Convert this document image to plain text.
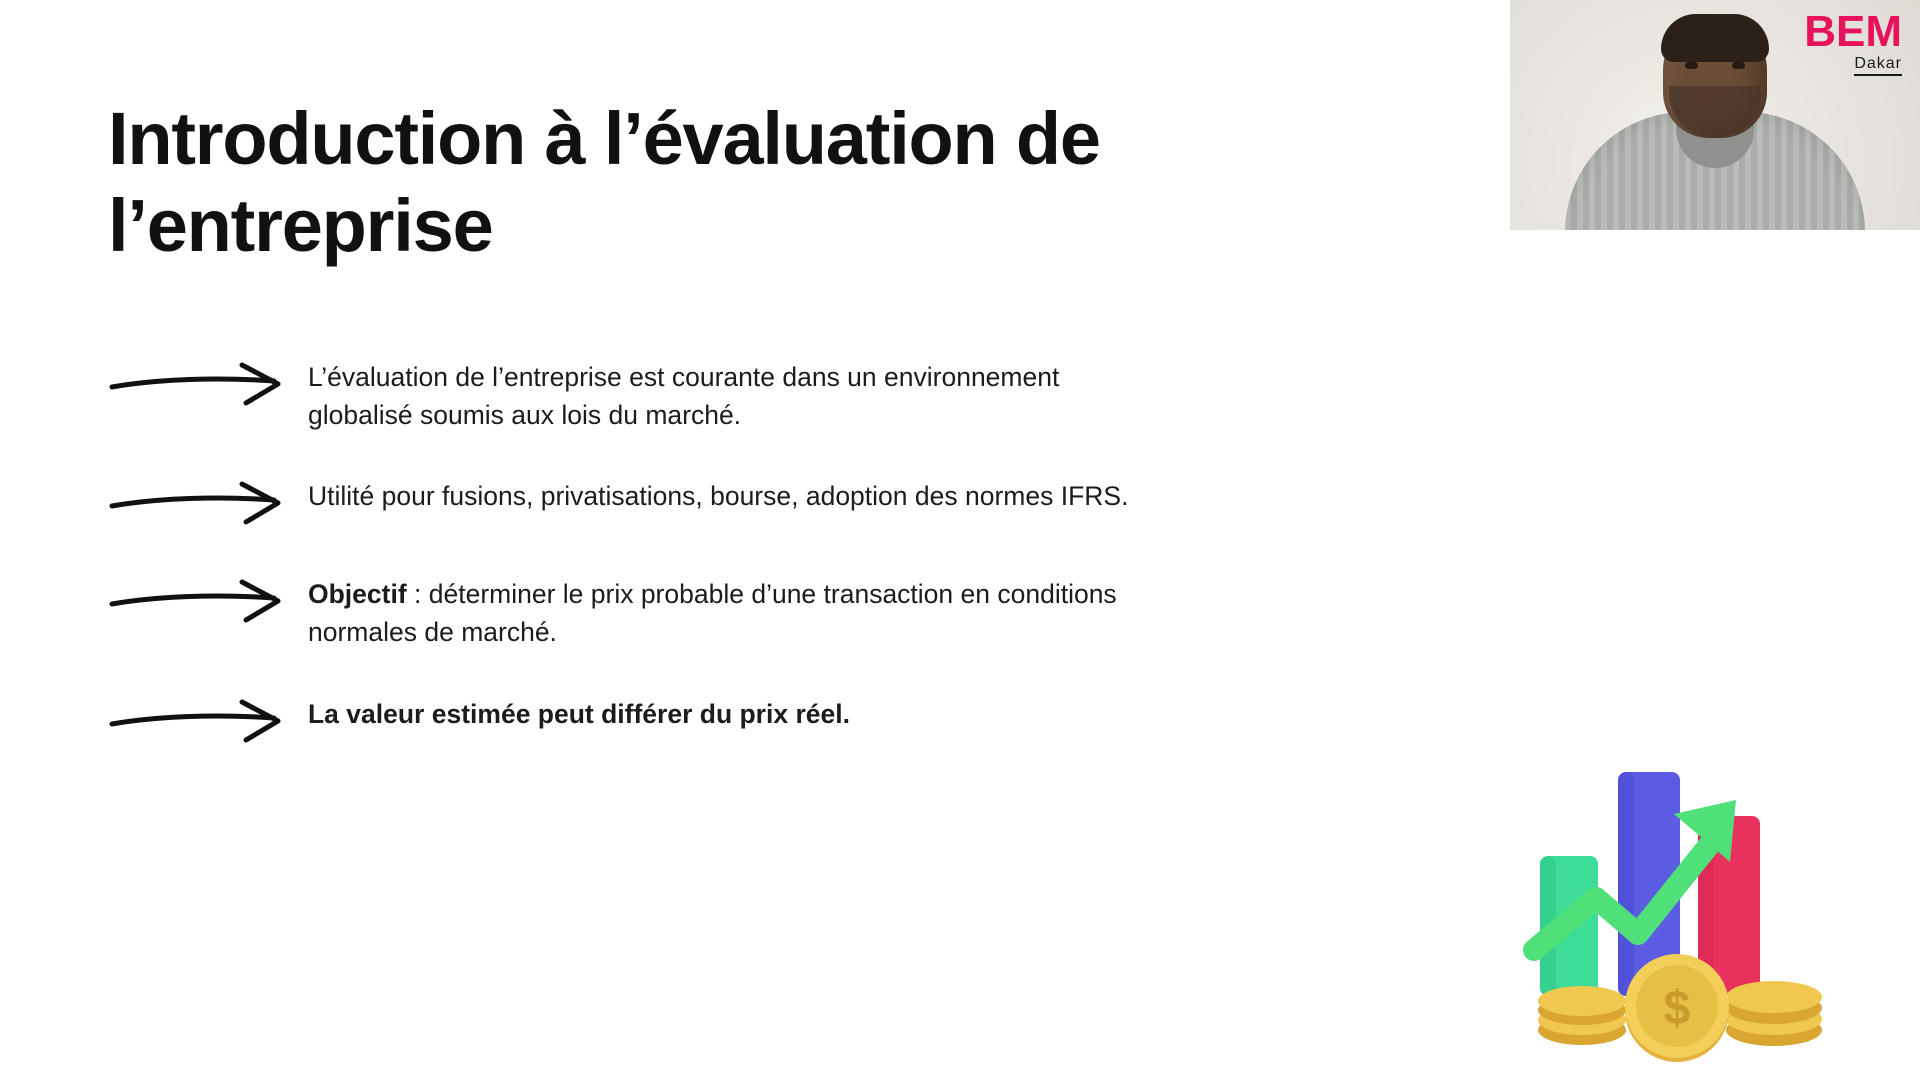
Introduction à l’évaluation de l’entreprise
L’évaluation de l’entreprise est courante dans un environnement globalisé soumis aux lois du marché.
Utilité pour fusions, privatisations, bourse, adoption des normes IFRS.
Objectif : déterminer le prix probable d’une transaction en conditions normales de marché.
La valeur estimée peut différer du prix réel.
$
BEM
Dakar
